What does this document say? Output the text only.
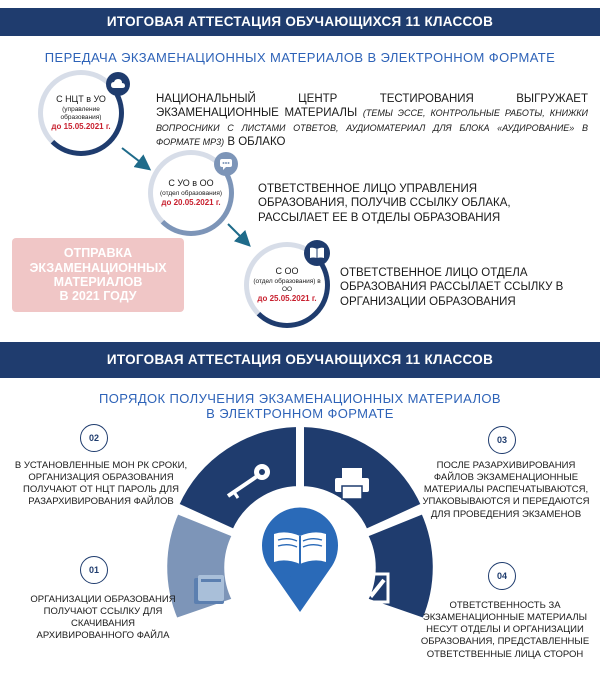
ИТОГОВАЯ АТТЕСТАЦИЯ ОБУЧАЮЩИХСЯ 11 КЛАССОВ
ПЕРЕДАЧА ЭКЗАМЕНАЦИОННЫХ МАТЕРИАЛОВ В ЭЛЕКТРОННОМ ФОРМАТЕ
С НЦТ в УО
(управление образования)
до 15.05.2021 г.
С УО в ОО
(отдел образования)
до 20.05.2021 г.
С ОО
(отдел образования) в ОО
до 25.05.2021 г.
НАЦИОНАЛЬНЫЙ ЦЕНТР ТЕСТИРОВАНИЯ ВЫГРУЖАЕТ ЭКЗАМЕНАЦИОННЫЕ МАТЕРИАЛЫ (ТЕМЫ ЭССЕ, КОНТРОЛЬНЫЕ РАБОТЫ, КНИЖКИ ВОПРОСНИКИ С ЛИСТАМИ ОТВЕТОВ, АУДИОМАТЕРИАЛ ДЛЯ БЛОКА «АУДИРОВАНИЕ» В ФОРМАТЕ МР3) В ОБЛАКО
ОТВЕТСТВЕННОЕ ЛИЦО УПРАВЛЕНИЯ ОБРАЗОВАНИЯ, ПОЛУЧИВ ССЫЛКУ ОБЛАКА, РАССЫЛАЕТ ЕЕ В ОТДЕЛЫ ОБРАЗОВАНИЯ
ОТВЕТСТВЕННОЕ ЛИЦО ОТДЕЛА ОБРАЗОВАНИЯ РАССЫЛАЕТ ССЫЛКУ В ОРГАНИЗАЦИИ ОБРАЗОВАНИЯ
ОТПРАВКА
ЭКЗАМЕНАЦИОННЫХ
МАТЕРИАЛОВ
В 2021 ГОДУ
ИТОГОВАЯ АТТЕСТАЦИЯ ОБУЧАЮЩИХСЯ 11 КЛАССОВ
ПОРЯДОК ПОЛУЧЕНИЯ ЭКЗАМЕНАЦИОННЫХ МАТЕРИАЛОВ
В ЭЛЕКТРОННОМ ФОРМАТЕ
02
01
03
04
В УСТАНОВЛЕННЫЕ МОН РК СРОКИ, ОРГАНИЗАЦИЯ ОБРАЗОВАНИЯ ПОЛУЧАЮТ ОТ НЦТ ПАРОЛЬ ДЛЯ РАЗАРХИВИРОВАНИЯ ФАЙЛОВ
ОРГАНИЗАЦИИ ОБРАЗОВАНИЯ ПОЛУЧАЮТ ССЫЛКУ ДЛЯ СКАЧИВАНИЯ АРХИВИРОВАННОГО ФАЙЛА
ПОСЛЕ РАЗАРХИВИРОВАНИЯ ФАЙЛОВ ЭКЗАМЕНАЦИОННЫЕ МАТЕРИАЛЫ РАСПЕЧАТЫВАЮТСЯ, УПАКОВЫВАЮТСЯ И ПЕРЕДАЮТСЯ ДЛЯ ПРОВЕДЕНИЯ ЭКЗАМЕНОВ
ОТВЕТСТВЕННОСТЬ ЗА ЭКЗАМЕНАЦИОННЫЕ МАТЕРИАЛЫ НЕСУТ ОТДЕЛЫ И ОРГАНИЗАЦИИ ОБРАЗОВАНИЯ, ПРЕДСТАВЛЕННЫЕ ОТВЕТСТВЕННЫЕ ЛИЦА СТОРОН
